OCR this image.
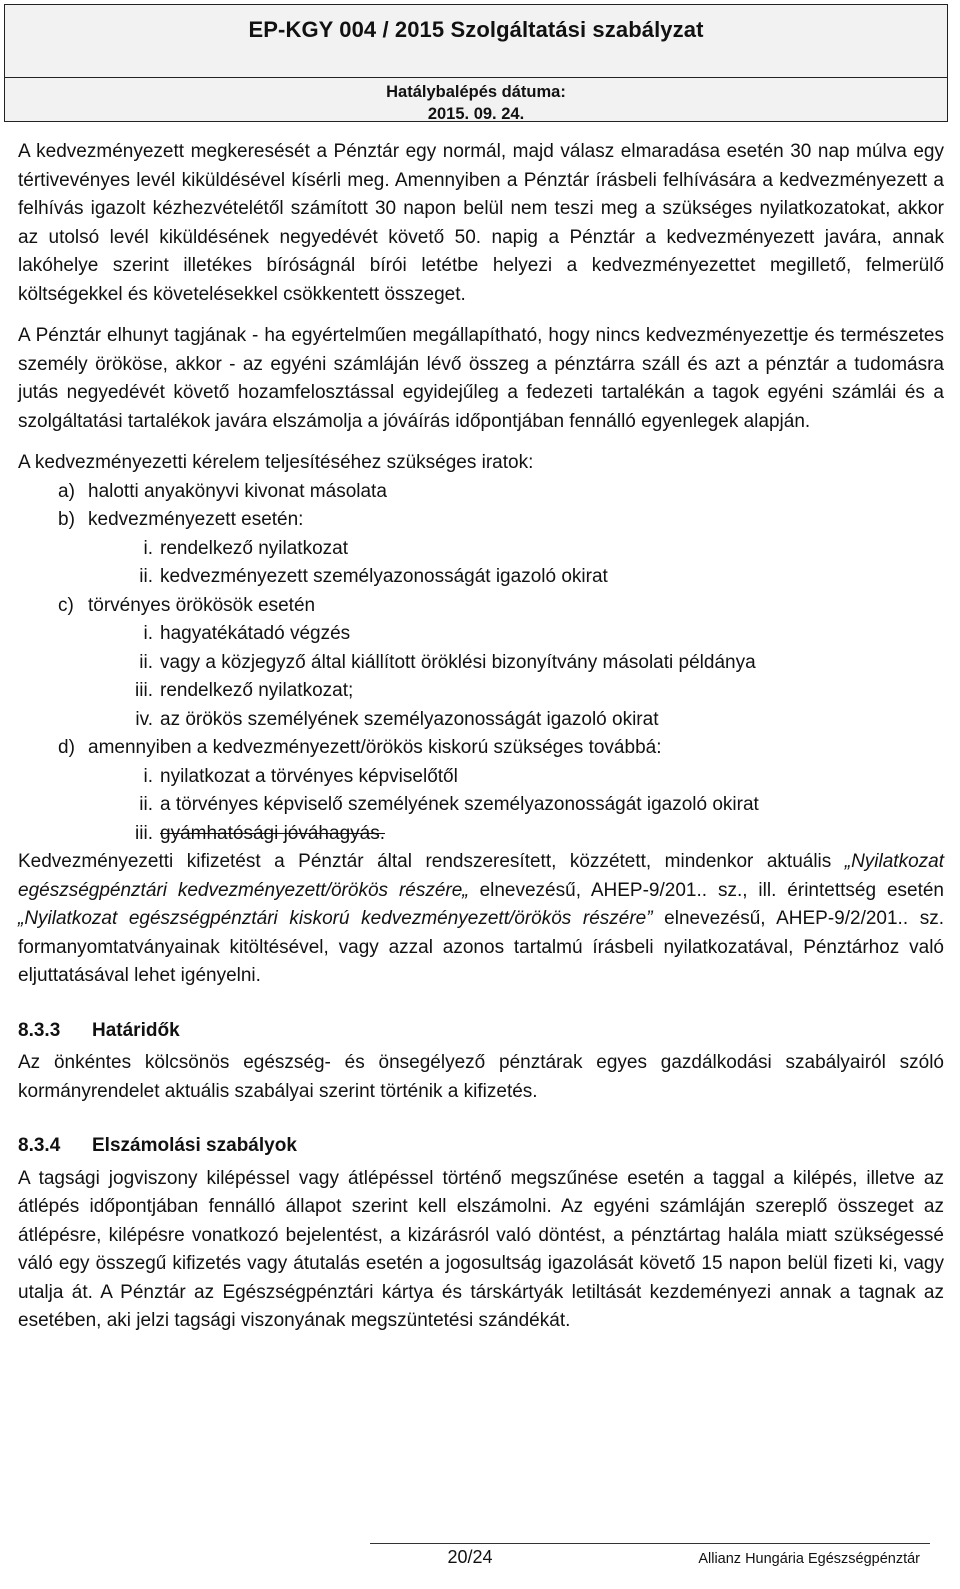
EP-KGY 004 / 2015 Szolgáltatási szabályzat
Hatálybalépés dátuma:
2015. 09. 24.

A kedvezményezett megkeresését a Pénztár egy normál, majd válasz elmaradása esetén 30 nap múlva egy tértivevényes levél kiküldésével kísérli meg. Amennyiben a Pénztár írásbeli felhívására a kedvezményezett a felhívás igazolt kézhezvételétől számított 30 napon belül nem teszi meg a szükséges nyilatkozatokat, akkor az utolsó levél kiküldésének negyedévét követő 50. napig a Pénztár a kedvezményezett javára, annak lakóhelye szerint illetékes bíróságnál bírói letétbe helyezi a kedvezményezettet megillető, felmerülő költségekkel és követelésekkel csökkentett összeget.

A Pénztár elhunyt tagjának - ha egyértelműen megállapítható, hogy nincs kedvezményezettje és természetes személy örököse, akkor - az egyéni számláján lévő összeg a pénztárra száll és azt a pénztár a tudomásra jutás negyedévét követő hozamfelosztással egyidejűleg a fedezeti tartalékán a tagok egyéni számlái és a szolgáltatási tartalékok javára elszámolja a jóváírás időpontjában fennálló egyenlegek alapján.

A kedvezményezetti kérelem teljesítéséhez szükséges iratok:

a) halotti anyakönyvi kivonat másolata
b) kedvezményezett esetén:
i. rendelkező nyilatkozat
ii. kedvezményezett személyazonosságát igazoló okirat
c) törvényes örökösök esetén
i. hagyatékátadó végzés
ii. vagy a közjegyző által kiállított öröklési bizonyítvány másolati példánya
iii. rendelkező nyilatkozat;
iv. az örökös személyének személyazonosságát igazoló okirat
d) amennyiben a kedvezményezett/örökös kiskorú szükséges továbbá:
i. nyilatkozat a törvényes képviselőtől
ii. a törvényes képviselő személyének személyazonosságát igazoló okirat
iii. gyámhatósági jóváhagyás.

Kedvezményezetti kifizetést a Pénztár által rendszeresített, közzétett, mindenkor aktuális „Nyilatkozat egészségpénztári kedvezményezett/örökös részére„ elnevezésű, AHEP-9/201.. sz., ill. érintettség esetén „Nyilatkozat egészségpénztári kiskorú kedvezményezett/örökös részére” elnevezésű, AHEP-9/2/201.. sz. formanyomtatványainak kitöltésével, vagy azzal azonos tartalmú írásbeli nyilatkozatával, Pénztárhoz való eljuttatásával lehet igényelni.

8.3.3 Határidők

Az önkéntes kölcsönös egészség- és önsegélyező pénztárak egyes gazdálkodási szabályairól szóló kormányrendelet aktuális szabályai szerint történik a kifizetés.

8.3.4 Elszámolási szabályok

A tagsági jogviszony kilépéssel vagy átlépéssel történő megszűnése esetén a taggal a kilépés, illetve az átlépés időpontjában fennálló állapot szerint kell elszámolni. Az egyéni számláján szereplő összeget az átlépésre, kilépésre vonatkozó bejelentést, a kizárásról való döntést, a pénztártag halála miatt szükségessé váló egy összegű kifizetés vagy átutalás esetén a jogosultság igazolását követő 15 napon belül fizeti ki, vagy utalja át. A Pénztár az Egészségpénztári kártya és társkártyák letiltását kezdeményezi annak a tagnak az esetében, aki jelzi tagsági viszonyának megszüntetési szándékát.

20/24	Allianz Hungária Egészségpénztár
